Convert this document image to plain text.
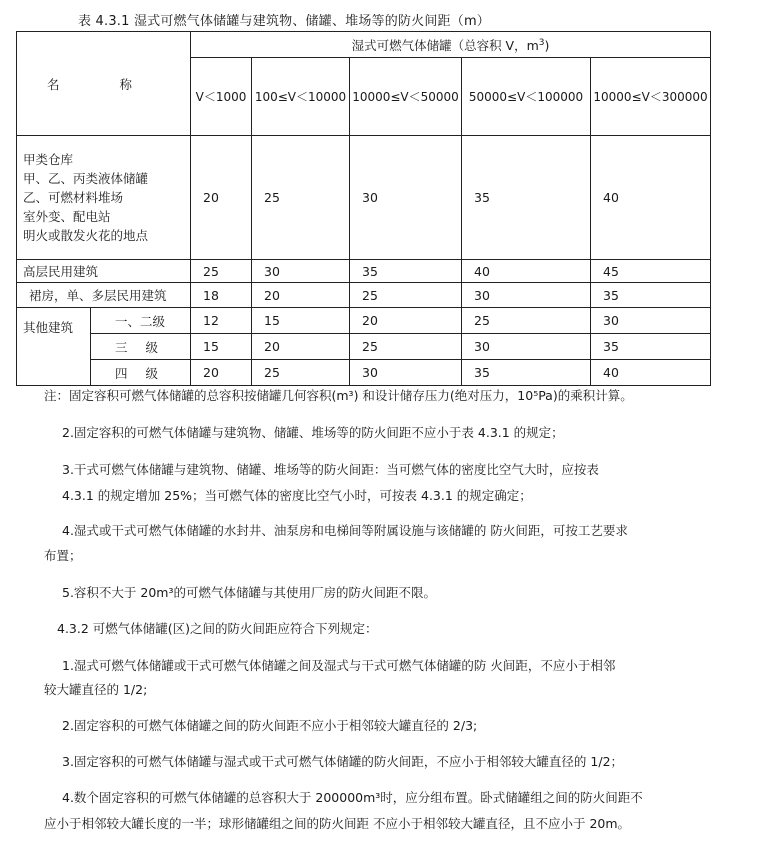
表 4.3.1 湿式可燃气体储罐与建筑物、储罐、堆场等的防火间距（m）
名 称		湿式可燃气体储罐（总容积 V，$m^3$)				
		V＜1000	100≤V＜10000	10000≤V＜50000	50000≤V＜100000	10000≤V＜300000

甲类仓库
甲、乙、丙类液体储罐
乙、可燃材料堆场
室外变、配电站
明火或散发火花的地点		20	25	30	35	40
高层民用建筑		25	30	35	40	45
裙房，单、多层民用建筑		18	20	25	30	35
其他建筑	一、二级	12	15	20	25	30
	三 级	15	20	25	30	35
	四 级	20	25	30	35	40
注：固定容积可燃气体储罐的总容积按储罐几何容积(m³) 和设计储存压力(绝对压力，10⁵Pa)的乘积计算。
2.固定容积的可燃气体储罐与建筑物、储罐、堆场等的防火间距不应小于表 4.3.1 的规定；
3.干式可燃气体储罐与建筑物、储罐、堆场等的防火间距：当可燃气体的密度比空气大时，应按表
4.3.1 的规定增加 25%；当可燃气体的密度比空气小时，可按表 4.3.1 的规定确定；
4.湿式或干式可燃气体储罐的水封井、油泵房和电梯间等附属设施与该储罐的 防火间距，可按工艺要求
布置；
5.容积不大于 20m³的可燃气体储罐与其使用厂房的防火间距不限。
4.3.2 可燃气体储罐(区)之间的防火间距应符合下列规定：
1.湿式可燃气体储罐或干式可燃气体储罐之间及湿式与干式可燃气体储罐的防 火间距，不应小于相邻
较大罐直径的 1/2;
2.固定容积的可燃气体储罐之间的防火间距不应小于相邻较大罐直径的 2/3;
3.固定容积的可燃气体储罐与湿式或干式可燃气体储罐的防火间距，不应小于相邻较大罐直径的 1/2；
4.数个固定容积的可燃气体储罐的总容积大于 200000m³时，应分组布置。卧式储罐组之间的防火间距不
应小于相邻较大罐长度的一半；球形储罐组之间的防火间距 不应小于相邻较大罐直径，且不应小于 20m。
